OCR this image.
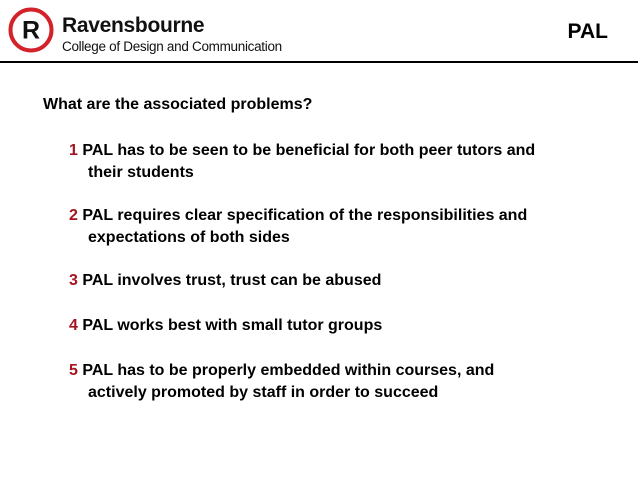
R Ravensbourne
College of Design and Communication
PAL
What are the associated problems?
1 PAL has to be seen to be beneficial for both peer tutors and
their students
2 PAL requires clear specification of the responsibilities and
expectations of both sides
3 PAL involves trust, trust can be abused
4 PAL works best with small tutor groups
5 PAL has to be properly embedded within courses, and
actively promoted by staff in order to succeed
